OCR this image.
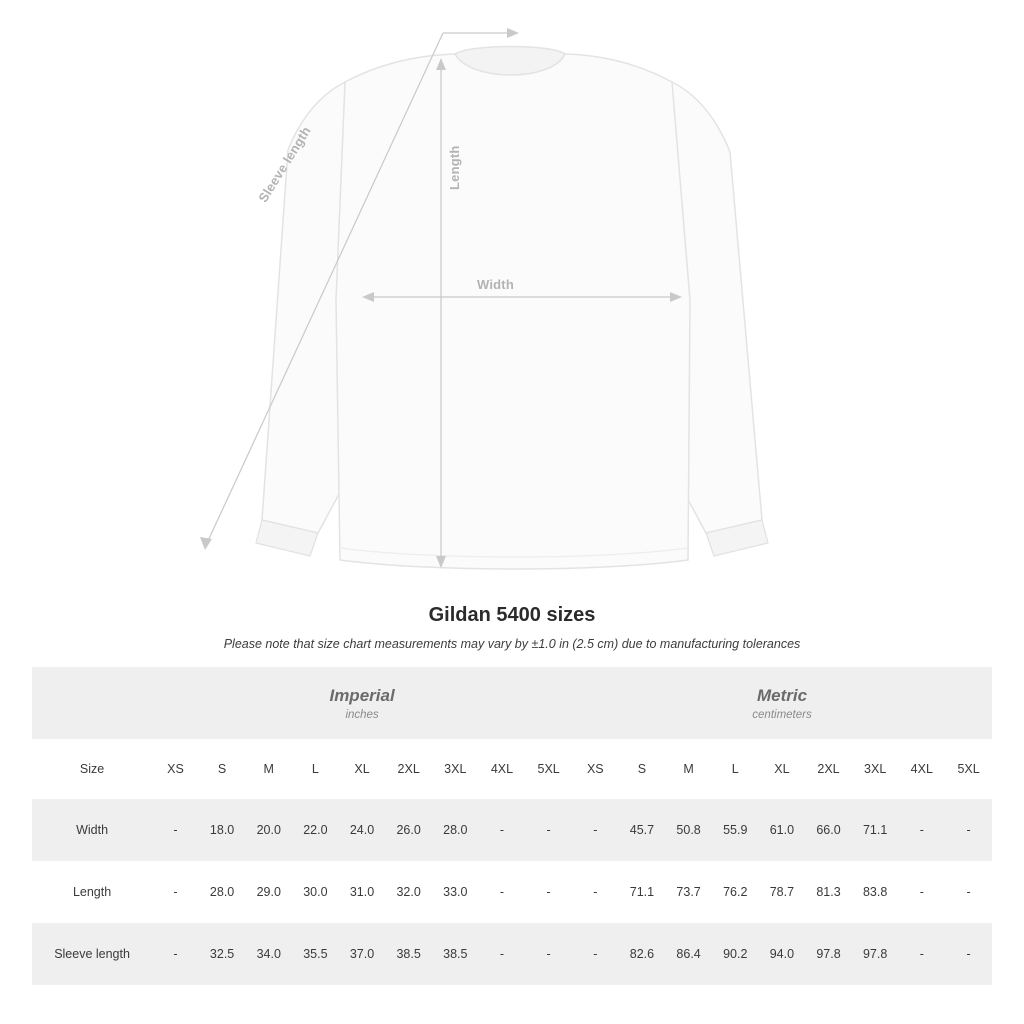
Width
Length
Sleeve length
Gildan 5400 sizes
Please note that size chart measurements may vary by ±1.0 in (2.5 cm) due to manufacturing tolerances

Imperial
inches

Metric
centimeters

Size	XS	S	M	L	XL	2XL	3XL	4XL	5XL	XS	S	M	L	XL	2XL	3XL	4XL	5XL
Width	-	18.0	20.0	22.0	24.0	26.0	28.0	-	-	-	45.7	50.8	55.9	61.0	66.0	71.1	-	-
Length	-	28.0	29.0	30.0	31.0	32.0	33.0	-	-	-	71.1	73.7	76.2	78.7	81.3	83.8	-	-
Sleeve length	-	32.5	34.0	35.5	37.0	38.5	38.5	-	-	-	82.6	86.4	90.2	94.0	97.8	97.8	-	-
